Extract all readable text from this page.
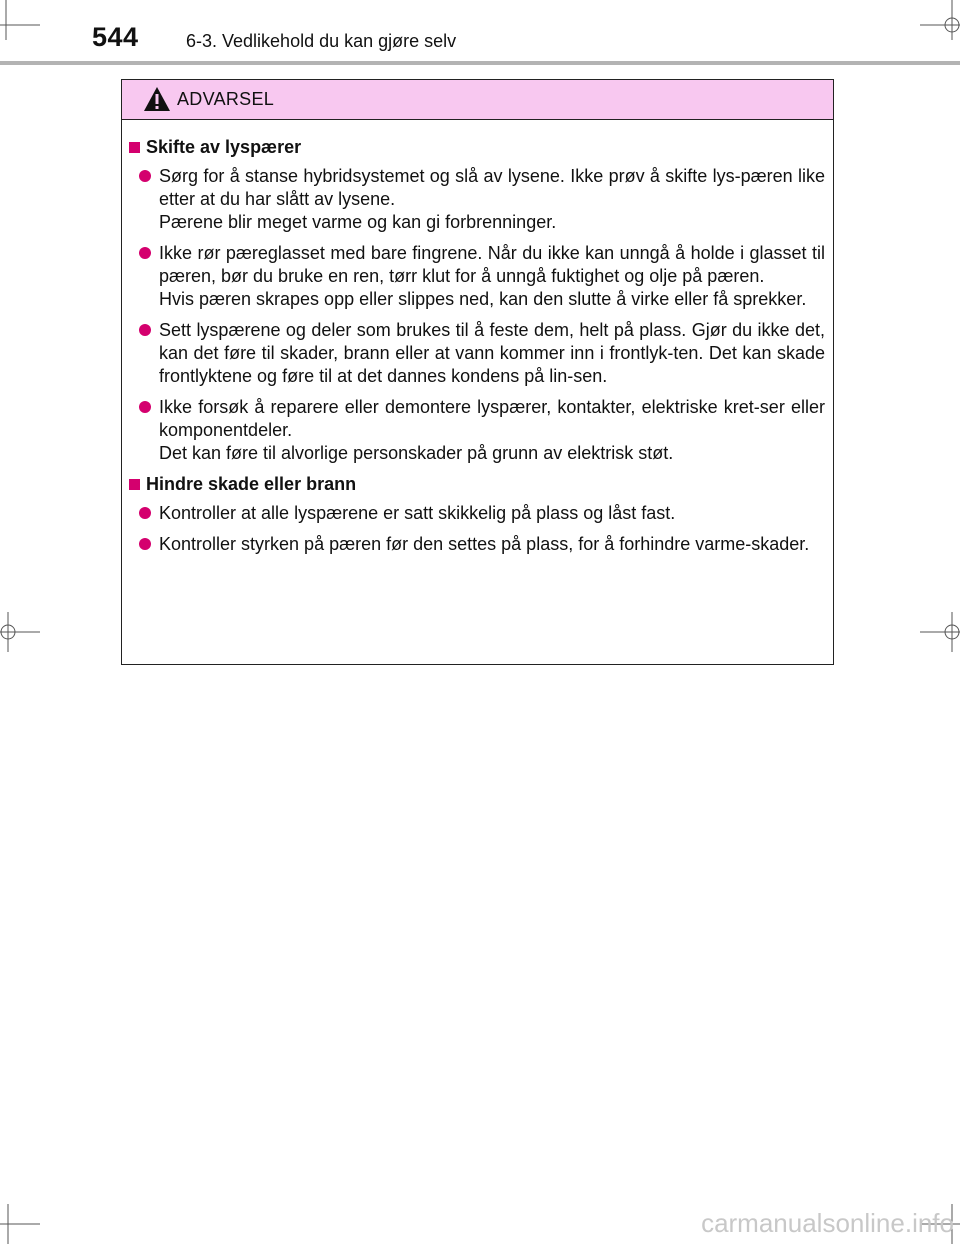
544	6-3. Vedlikehold du kan gjøre selv
ADVARSEL
Skifte av lyspærer

Sørg for å stanse hybridsystemet og slå av lysene. Ikke prøv å skifte lys-pæren like etter at du har slått av lysene.

Pærene blir meget varme og kan gi forbrenninger.

Ikke rør pæreglasset med bare fingrene. Når du ikke kan unngå å holde i glasset til pæren, bør du bruke en ren, tørr klut for å unngå fuktighet og olje på pæren.

Hvis pæren skrapes opp eller slippes ned, kan den slutte å virke eller få sprekker.

Sett lyspærene og deler som brukes til å feste dem, helt på plass. Gjør du ikke det, kan det føre til skader, brann eller at vann kommer inn i frontlyk-ten. Det kan skade frontlyktene og føre til at det dannes kondens på lin-sen.

Ikke forsøk å reparere eller demontere lyspærer, kontakter, elektriske kret-ser eller komponentdeler.

Det kan føre til alvorlige personskader på grunn av elektrisk støt.

Hindre skade eller brann

Kontroller at alle lyspærene er satt skikkelig på plass og låst fast.

Kontroller styrken på pæren før den settes på plass, for å forhindre varme-skader.

carmanualsonline.info
